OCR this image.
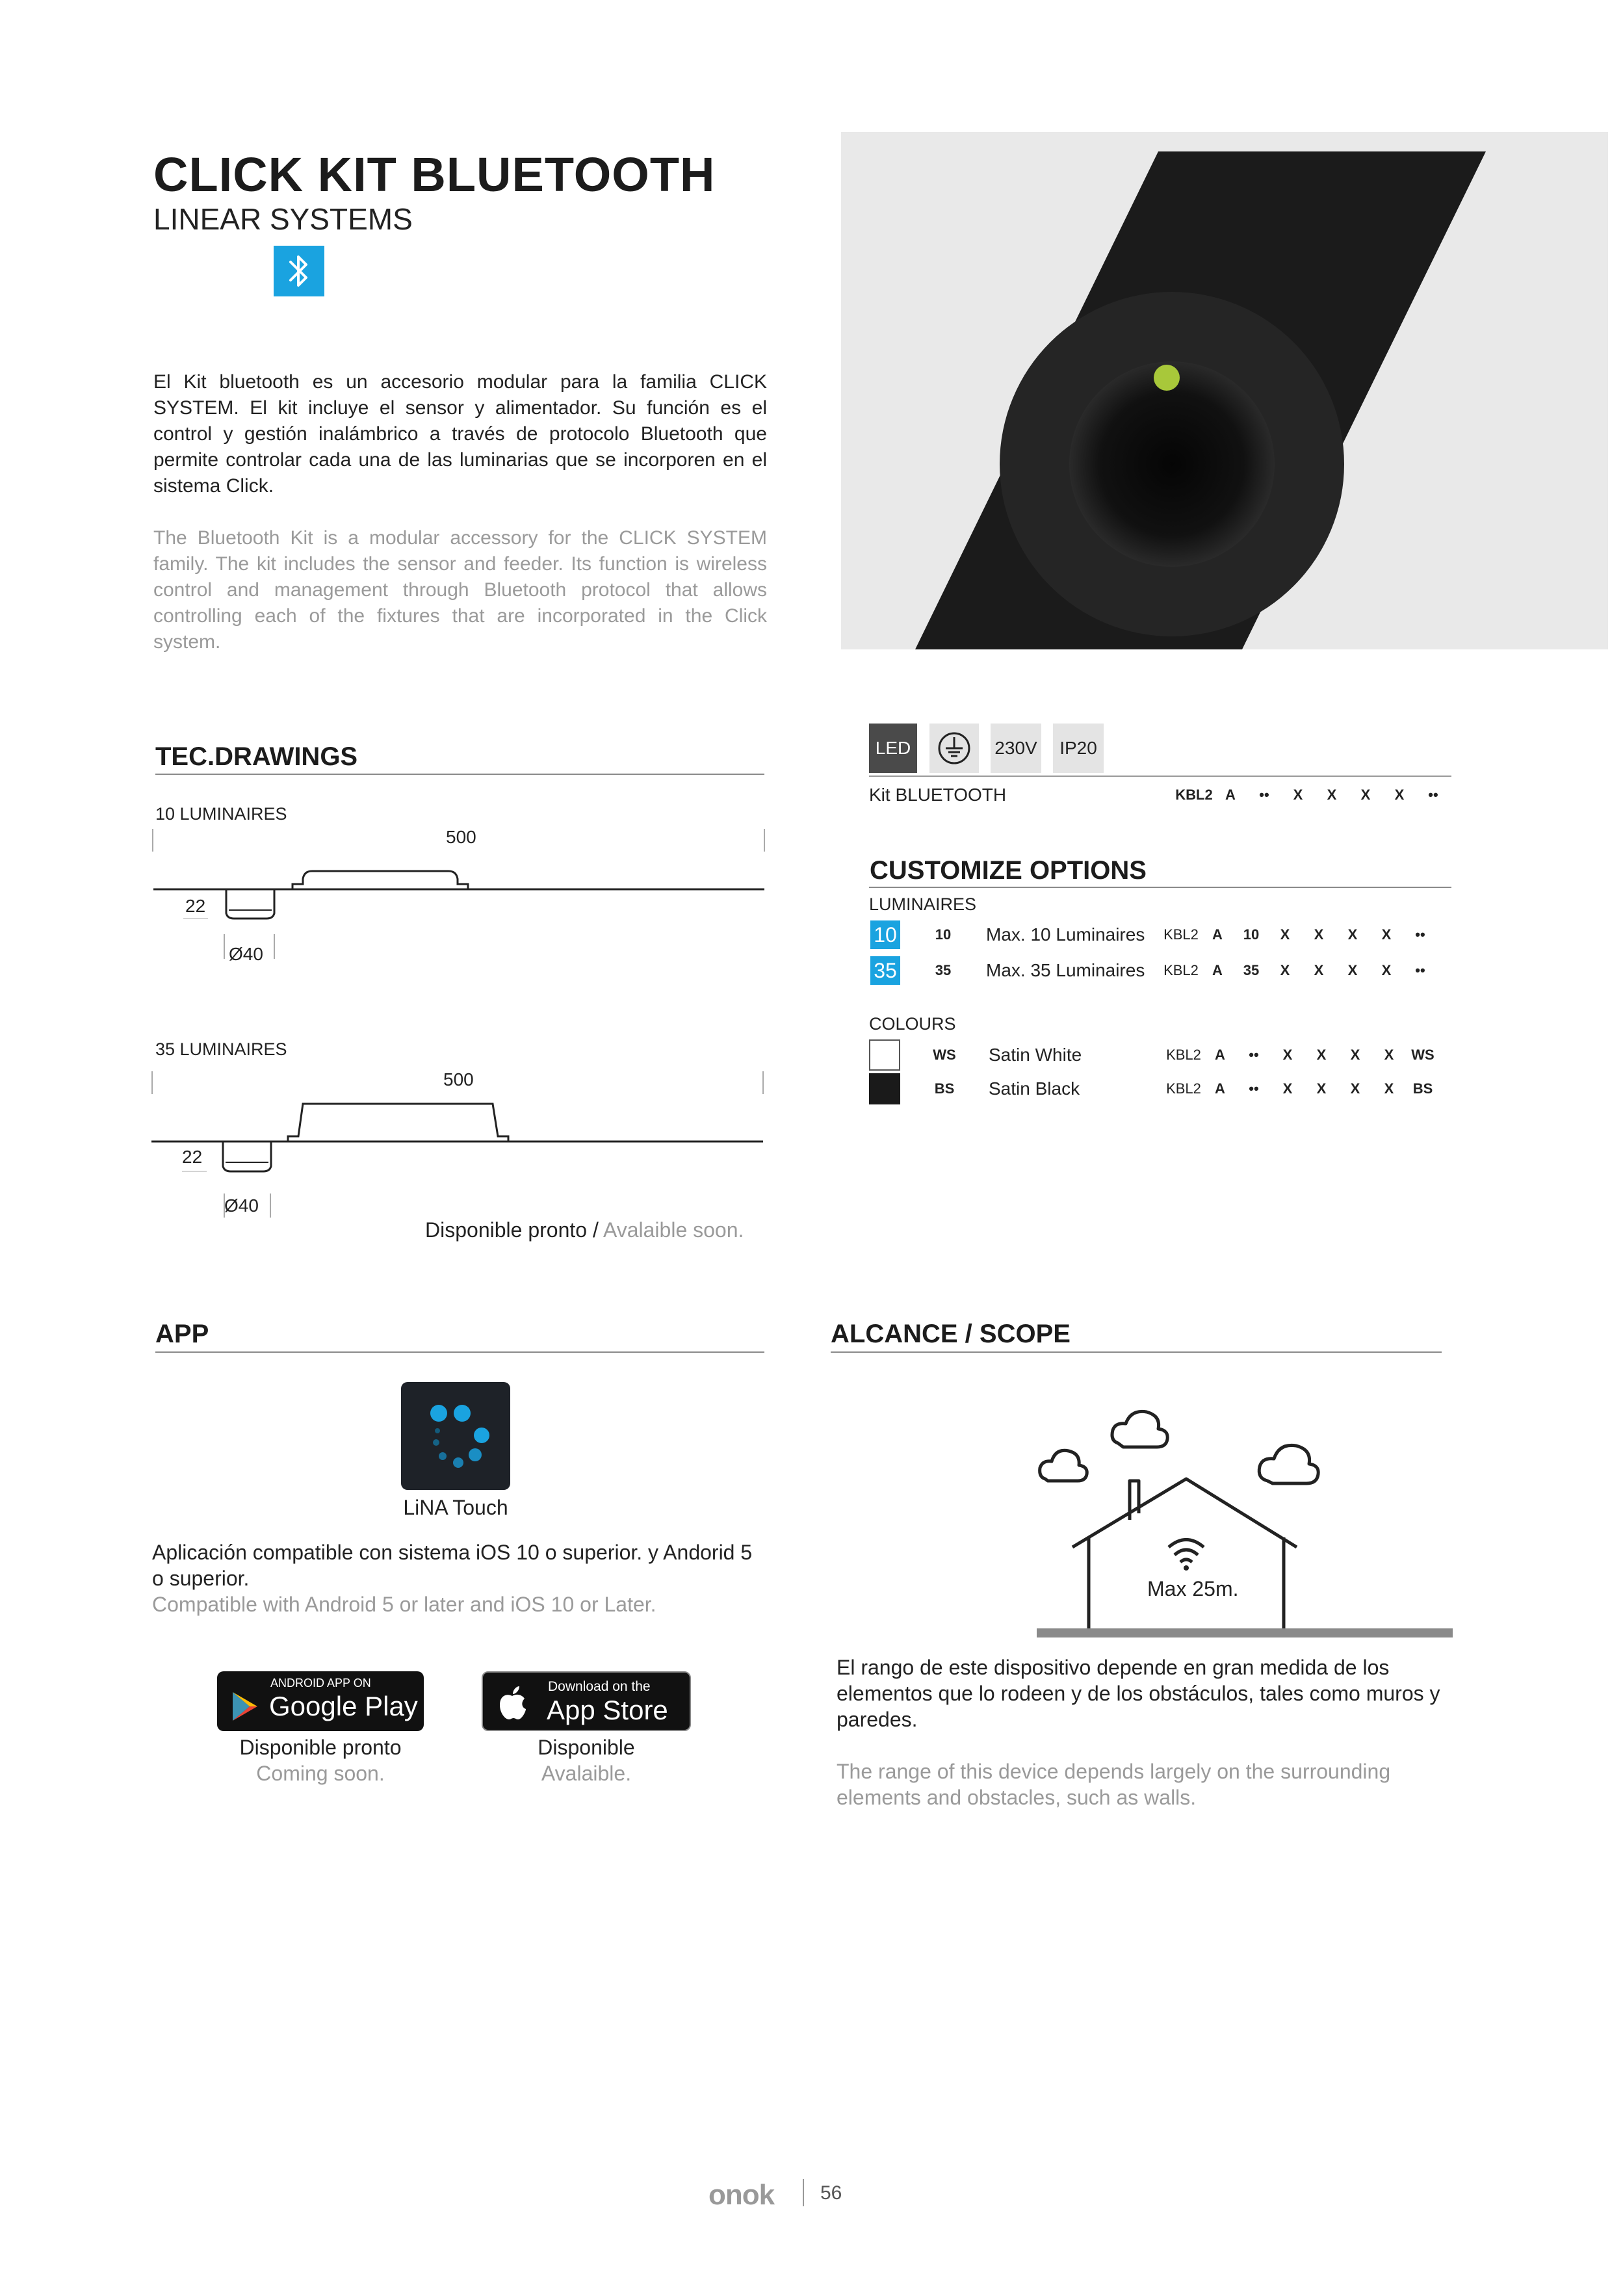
CLICK KIT BLUETOOTH
LINEAR SYSTEMS
El Kit bluetooth es un accesorio modular para la familia CLICK SYSTEM. El kit incluye el sensor y alimentador. Su función es el control y gestión inalámbrico a través de protocolo Bluetooth que permite controlar cada una de las luminarias que se incorporen en el sistema Click.
The Bluetooth Kit is a modular accessory for the CLICK SYSTEM family. The kit includes the sensor and feeder. Its function is wireless control and management through Bluetooth protocol that allows controlling each of the fixtures that are incorporated in the Click system.
TEC.DRAWINGS
10 LUMINAIRES
500
22
Ø40
35 LUMINAIRES
500
22
Ø40
Disponible pronto / Avalaible soon.
LED	230V	IP20
Kit BLUETOOTH	KBL2 A	••	X	X	X	X	••
CUSTOMIZE OPTIONS
LUMINAIRES
10	10	Max. 10 Luminaires	KBL2 A	10	X	X	X	X	••
35	35	Max. 35 Luminaires	KBL2 A	35	X	X	X	X	••
COLOURS
WS	Satin White	KBL2 A	••	X	X	X	X	WS
BS	Satin Black	KBL2 A	••	X	X	X	X	BS
APP
LiNA Touch
Aplicación compatible con sistema iOS 10 o superior. y Andorid 5 o superior.
Compatible with Android 5 or later and iOS 10 or Later.
ANDROID APP ON
Google Play
Disponible pronto
Coming soon.
Download on the
App Store
Disponible
Avalaible.
ALCANCE / SCOPE
Max 25m.
El rango de este dispositivo depende en gran medida de los elementos que lo rodeen y de los obstáculos, tales como muros y paredes.
The range of this device depends largely on the surrounding elements and obstacles, such as walls.
onok 56
